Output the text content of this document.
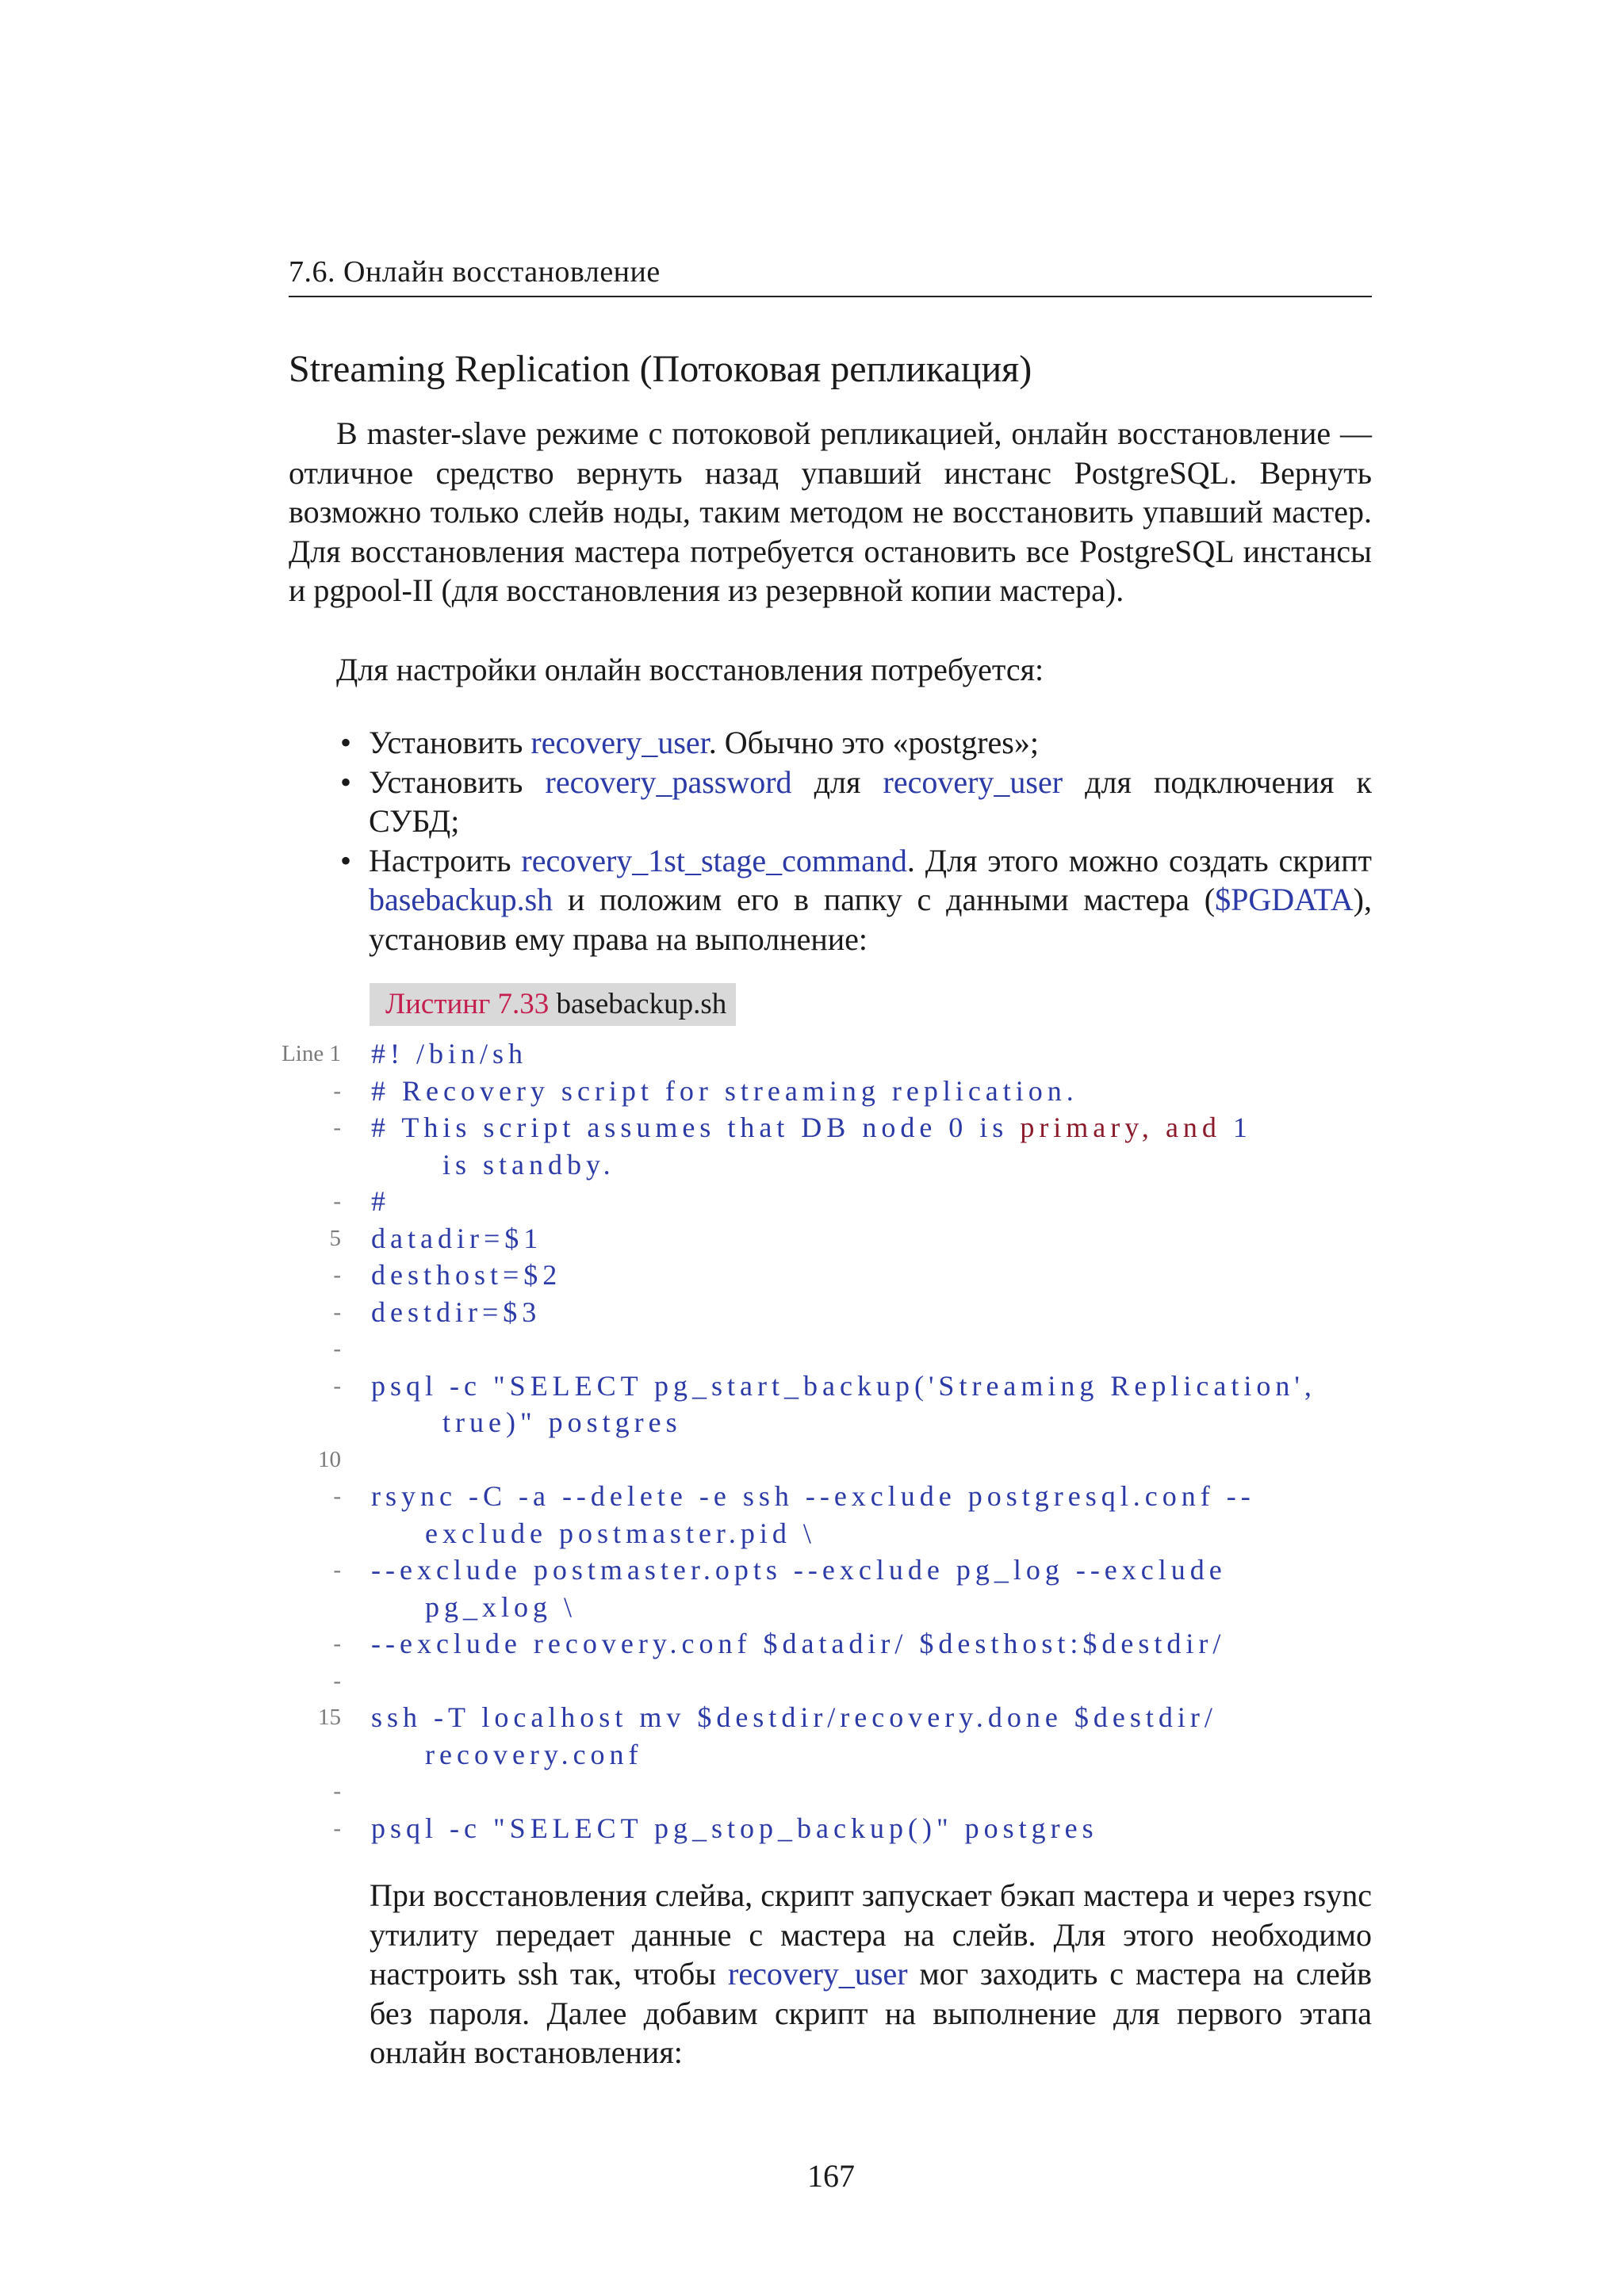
7.6. Онлайн восстановление
Streaming Replication (Потоковая репликация)

В master-slave режиме с потоковой репликацией, онлайн восстановление — отличное средство вернуть назад упавший инстанс PostgreSQL. Вернуть возможно только слейв ноды, таким методом не восстановить упавший мастер. Для восстановления мастера потребуется остановить все PostgreSQL инстансы и pgpool-II (для восстановления из резервной копии мастера).

Для настройки онлайн восстановления потребуется:

• Установить recovery_user. Обычно это «postgres»;
• Установить recovery_password для recovery_user для подключения к СУБД;
• Настроить recovery_1st_stage_command. Для этого можно создать скрипт basebackup.sh и положим его в папку с данными мастера ($PGDATA), установив ему права на выполнение:
Листинг 7.33 basebackup.sh
Line 1 #! /bin/sh
- # Recovery script for streaming replication.
- # This script assumes that DB node 0 is primary, and 1
is standby.
- #
5 datadir=$1
- desthost=$2
- destdir=$3
-
- psql -c "SELECT pg_start_backup('Streaming Replication',
true)" postgres
10
- rsync -C -a --delete -e ssh --exclude postgresql.conf --
exclude postmaster.pid \
- --exclude postmaster.opts --exclude pg_log --exclude
pg_xlog \
- --exclude recovery.conf $datadir/ $desthost:$destdir/
-
15 ssh -T localhost mv $destdir/recovery.done $destdir/
recovery.conf
-
- psql -c "SELECT pg_stop_backup()" postgres

При восстановления слейва, скрипт запускает бэкап мастера и через rsync утилиту передает данные с мастера на слейв. Для этого необходимо настроить ssh так, чтобы recovery_user мог заходить с мастера на слейв без пароля. Далее добавим скрипт на выполнение для первого этапа онлайн востановления:

167
